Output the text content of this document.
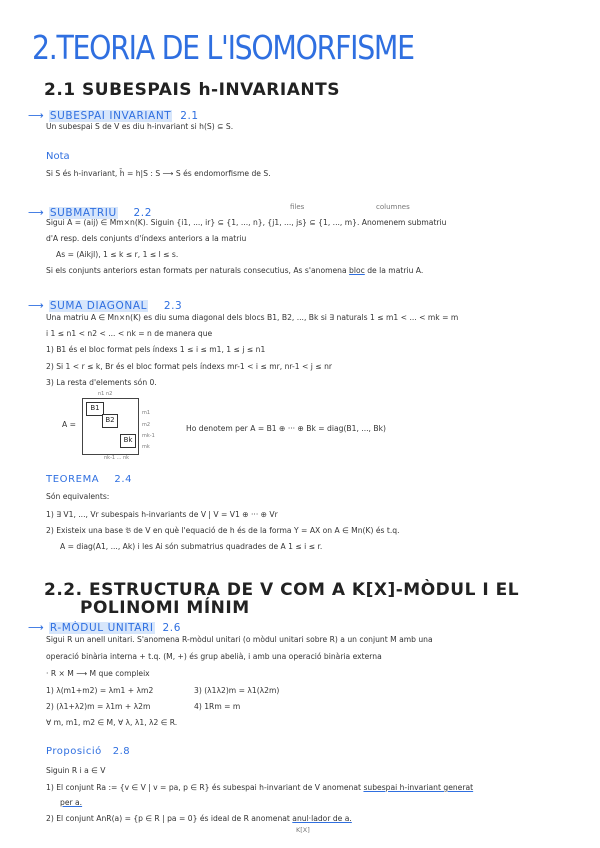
2.TEORIA DE L'ISOMORFISME
2.1 SUBESPAIS h-INVARIANTS
⟶ SUBESPAI INVARIANT 2.1
Un subespai S de V es diu h-invariant si h(S) ⊆ S.
Nota
Si S és h-invariant, h̄ = h|S : S ⟶ S és endomorfisme de S.
⟶ SUBMATRIU 2.2	files	columnes
Sigui A = (aij) ∈ Mm×n(K). Siguin {i1, ..., ir} ⊆ {1, ..., n}, {j1, ..., js} ⊆ {1, ..., m}. Anomenem submatriu
d'A resp. dels conjunts d'índexs anteriors a la matriu
As = (Aikjl), 1 ≤ k ≤ r, 1 ≤ l ≤ s.
Si els conjunts anteriors estan formats per naturals consecutius, As s'anomena bloc de la matriu A.
⟶ SUMA DIAGONAL 2.3
Una matriu A ∈ Mn×n(K) es diu suma diagonal dels blocs B1, B2, ..., Bk si ∃ naturals 1 ≤ m1 < ... < mk = m
i 1 ≤ n1 < n2 < ... < nk = n de manera que
1) B1 és el bloc format pels índexs 1 ≤ i ≤ m1, 1 ≤ j ≤ n1
2) Si 1 < r ≤ k, Br és el bloc format pels índexs mr-1 < i ≤ mr, nr-1 < j ≤ nr
3) La resta d'elements són 0.
A =
n1 n2
B1
B2
Bk
m1
m2
mk-1
mk
nk-1 ... nk
Ho denotem per A = B1 ⊕ ··· ⊕ Bk = diag(B1, ..., Bk)
TEOREMA 2.4
Són equivalents:
1) ∃ V1, ..., Vr subespais h-invariants de V | V = V1 ⊕ ··· ⊕ Vr
2) Existeix una base 𝔅 de V en què l'equació de h és de la forma Y = AX on A ∈ Mn(K) és t.q.
A = diag(A1, ..., Ak) i les Ai són submatrius quadrades de A 1 ≤ i ≤ r.
2.2. ESTRUCTURA DE V COM A K[X]-MÒDUL I EL
POLINOMI MÍNIM
⟶ R-MÒDUL UNITARI 2.6
Sigui R un anell unitari. S'anomena R-mòdul unitari (o mòdul unitari sobre R) a un conjunt M amb una
operació binària interna + t.q. (M, +) és grup abelià, i amb una operació binària externa
· R × M ⟶ M que compleix
1) λ(m1+m2) = λm1 + λm2	3) (λ1λ2)m = λ1(λ2m)
2) (λ1+λ2)m = λ1m + λ2m	4) 1Rm = m
∀ m, m1, m2 ∈ M, ∀ λ, λ1, λ2 ∈ R.
Proposició 2.8
Siguin R i a ∈ V
1) El conjunt Ra := {v ∈ V | v = pa, p ∈ R} és subespai h-invariant de V anomenat subespai h-invariant generat
per a.
2) El conjunt AnR(a) = {p ∈ R | pa = 0} és ideal de R anomenat anul·lador de a.
K[X]
